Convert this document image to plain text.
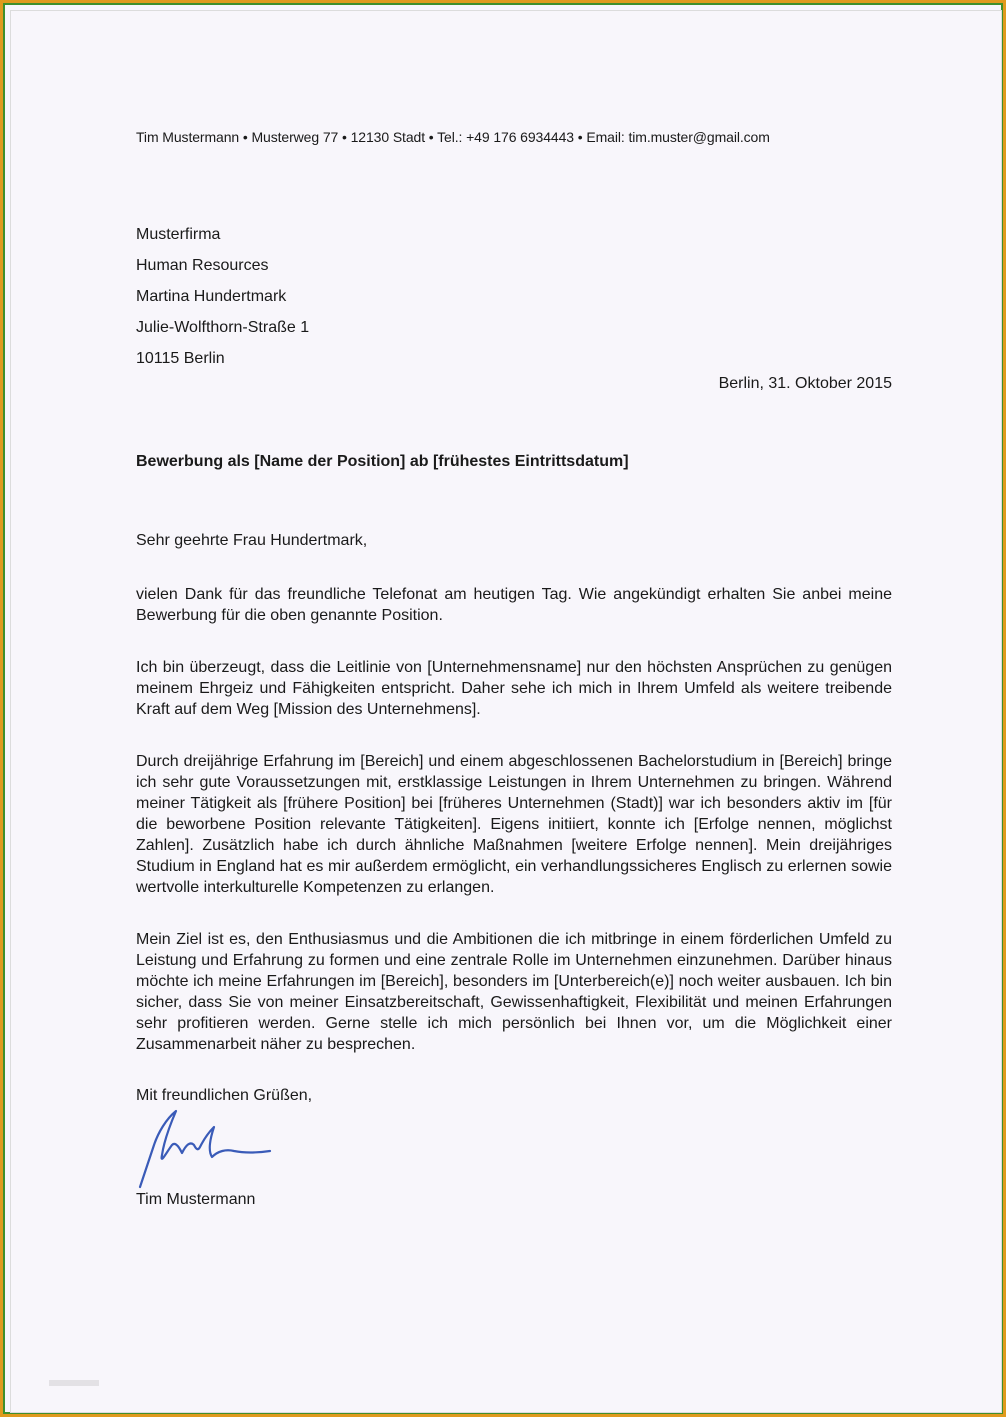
Tim Mustermann • Musterweg 77 • 12130 Stadt • Tel.: +49 176 6934443 • Email: tim.muster@gmail.com
Musterfirma
Human Resources
Martina Hundertmark
Julie-Wolfthorn-Straße 1
10115 Berlin
Berlin, 31. Oktober 2015
Bewerbung als [Name der Position] ab [frühestes Eintrittsdatum]
Sehr geehrte Frau Hundertmark,

vielen Dank für das freundliche Telefonat am heutigen Tag. Wie angekündigt erhalten Sie anbei meine Bewerbung für die oben genannte Position.

Ich bin überzeugt, dass die Leitlinie von [Unternehmensname] nur den höchsten Ansprüchen zu genügen meinem Ehrgeiz und Fähigkeiten entspricht. Daher sehe ich mich in Ihrem Umfeld als weitere treibende Kraft auf dem Weg [Mission des Unternehmens].

Durch dreijährige Erfahrung im [Bereich] und einem abgeschlossenen Bachelorstudium in [Bereich] bringe ich sehr gute Voraussetzungen mit, erstklassige Leistungen in Ihrem Unternehmen zu bringen. Während meiner Tätigkeit als [frühere Position] bei [früheres Unternehmen (Stadt)] war ich besonders aktiv im [für die beworbene Position relevante Tätigkeiten]. Eigens initiiert, konnte ich [Erfolge nennen, möglichst Zahlen]. Zusätzlich habe ich durch ähnliche Maßnahmen [weitere Erfolge nennen]. Mein dreijähriges Studium in England hat es mir außerdem ermöglicht, ein verhandlungssicheres Englisch zu erlernen sowie wertvolle interkulturelle Kompetenzen zu erlangen.

Mein Ziel ist es, den Enthusiasmus und die Ambitionen die ich mitbringe in einem förderlichen Umfeld zu Leistung und Erfahrung zu formen und eine zentrale Rolle im Unternehmen einzunehmen. Darüber hinaus möchte ich meine Erfahrungen im [Bereich], besonders im [Unterbereich(e)] noch weiter ausbauen. Ich bin sicher, dass Sie von meiner Einsatzbereitschaft, Gewissenhaftigkeit, Flexibilität und meinen Erfahrungen sehr profitieren werden. Gerne stelle ich mich persönlich bei Ihnen vor, um die Möglichkeit einer Zusammenarbeit näher zu besprechen.

Mit freundlichen Grüßen,
Tim Mustermann
